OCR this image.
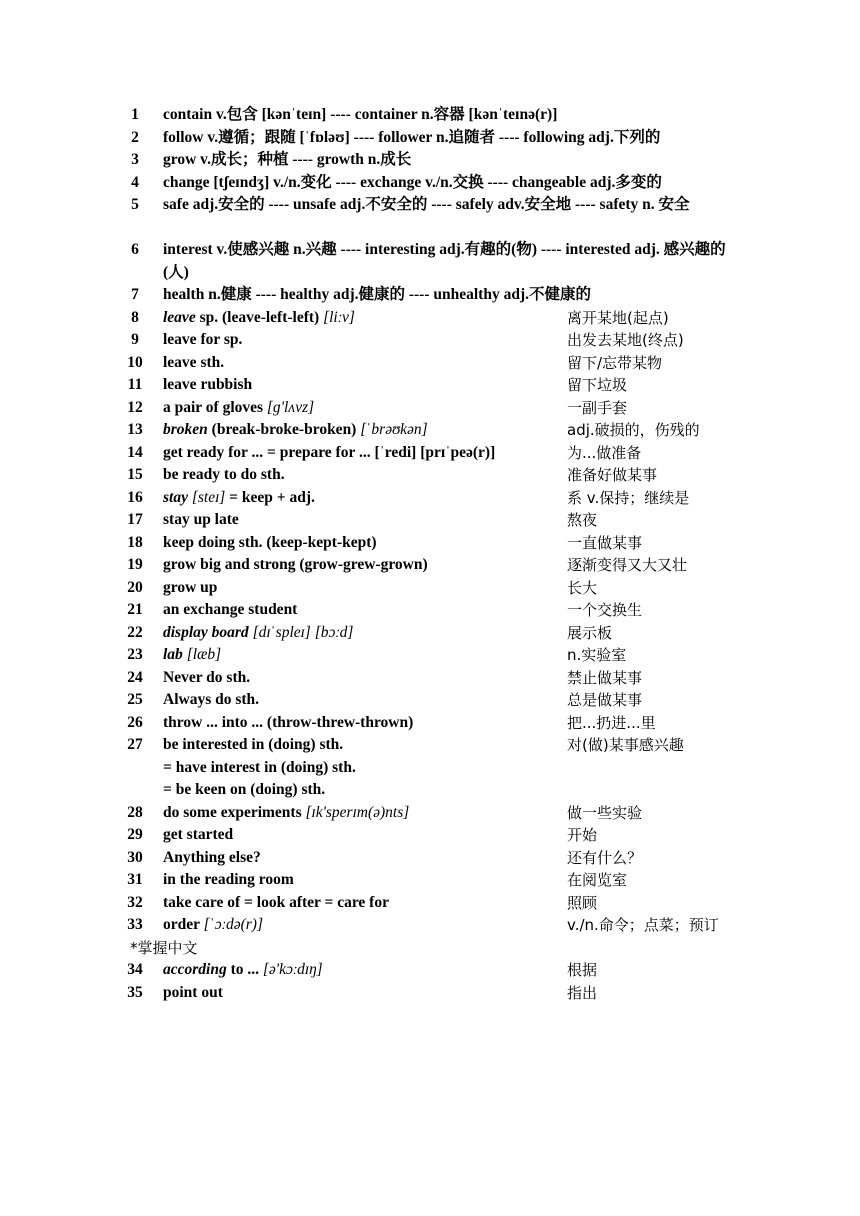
1	contain v.包含 [kənˈteɪn] ---- container n.容器 [kənˈteɪnə(r)]
2	follow v.遵循；跟随 [ˈfɒləʊ] ---- follower n.追随者 ---- following adj.下列的
3	grow v.成长；种植 ---- growth n.成长
4	change [tʃeɪndʒ] v./n.变化 ---- exchange v./n.交换 ---- changeable adj.多变的
5	safe adj.安全的 ---- unsafe adj.不安全的 ---- safely adv.安全地 ---- safety n. 安全
6	interest v.使感兴趣 n.兴趣 ---- interesting adj.有趣的(物) ---- interested adj. 感兴趣的(人)
7	health n.健康 ---- healthy adj.健康的 ---- unhealthy adj.不健康的
8	leave sp. (leave-left-left) [liːv]	离开某地(起点)
9	leave for sp.	出发去某地(终点)
10	leave sth.	留下/忘带某物
11	leave rubbish	留下垃圾
12	a pair of gloves [ɡ'lʌvz]	一副手套
13	broken (break-broke-broken) [ˈbrəʊkən]	adj.破损的，伤残的
14	get ready for ... = prepare for ... [ˈredi] [prɪˈpeə(r)]	为...做准备
15	be ready to do sth.	准备好做某事
16	stay [steɪ] = keep + adj.	系 v.保持；继续是
17	stay up late	熬夜
18	keep doing sth. (keep-kept-kept)	一直做某事
19	grow big and strong (grow-grew-grown)	逐渐变得又大又壮
20	grow up	长大
21	an exchange student	一个交换生
22	display board [dɪˈspleɪ] [bɔːd]	展示板
23	lab [læb]	n.实验室
24	Never do sth.	禁止做某事
25	Always do sth.	总是做某事
26	throw ... into ... (throw-threw-thrown)	把...扔进...里
27	be interested in (doing) sth.	对(做)某事感兴趣
= have interest in (doing) sth.
= be keen on (doing) sth.
28	do some experiments [ɪk'sperɪm(ə)nts]	做一些实验
29	get started	开始
30	Anything else?	还有什么？
31	in the reading room	在阅览室
32	take care of = look after = care for	照顾
33	order [ˈɔːdə(r)]	v./n.命令；点菜；预订
*掌握中文
34	according to ... [ə'kɔːdɪŋ]	根据
35	point out	指出
